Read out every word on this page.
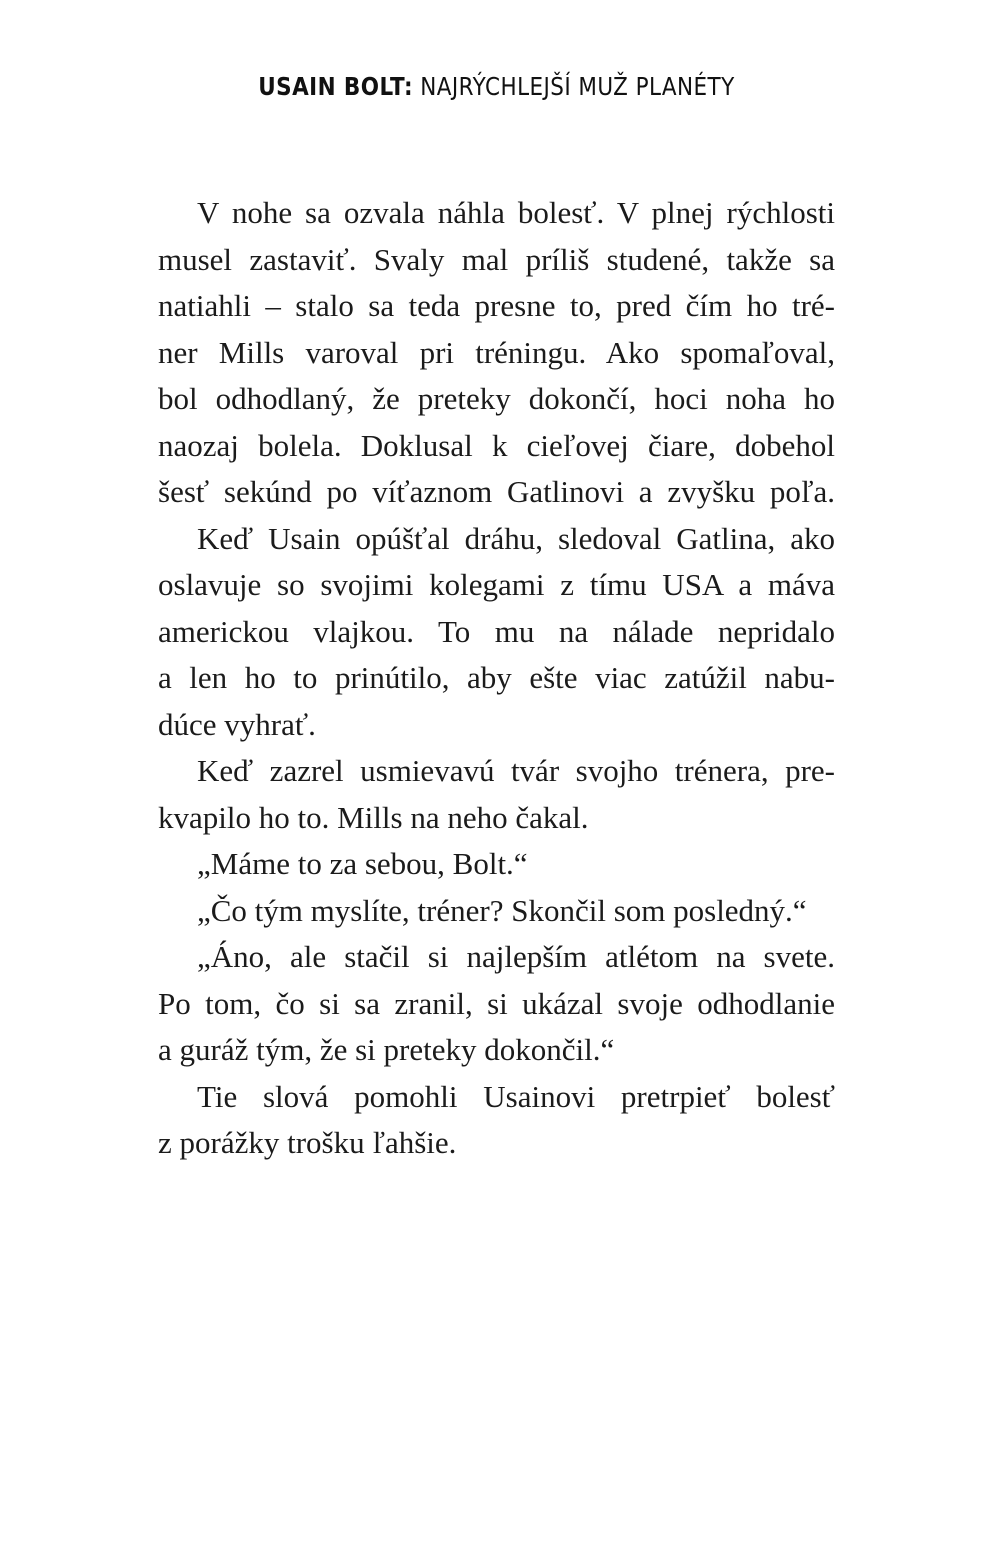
USAIN BOLT: NAJRÝCHLEJŠÍ MUŽ PLANÉTY

V nohe sa ozvala náhla bolesť. V plnej rýchlosti
musel zastaviť. Svaly mal príliš studené, takže sa
natiahli – stalo sa teda presne to, pred čím ho tré-
ner Mills varoval pri tréningu. Ako spomaľoval,
bol odhodlaný, že preteky dokončí, hoci noha ho
naozaj bolela. Doklusal k cieľovej čiare, dobehol
šesť sekúnd po víťaznom Gatlinovi a zvyšku poľa.

Keď Usain opúšťal dráhu, sledoval Gatlina, ako
oslavuje so svojimi kolegami z tímu USA a máva
americkou vlajkou. To mu na nálade nepridalo
a len ho to prinútilo, aby ešte viac zatúžil nabu-
dúce vyhrať.

Keď zazrel usmievavú tvár svojho trénera, pre-
kvapilo ho to. Mills na neho čakal.

„Máme to za sebou, Bolt.“

„Čo tým myslíte, tréner? Skončil som posledný.“

„Áno, ale stačil si najlepším atlétom na svete.
Po tom, čo si sa zranil, si ukázal svoje odhodlanie
a guráž tým, že si preteky dokončil.“

Tie slová pomohli Usainovi pretrpieť bolesť
z porážky trošku ľahšie.
